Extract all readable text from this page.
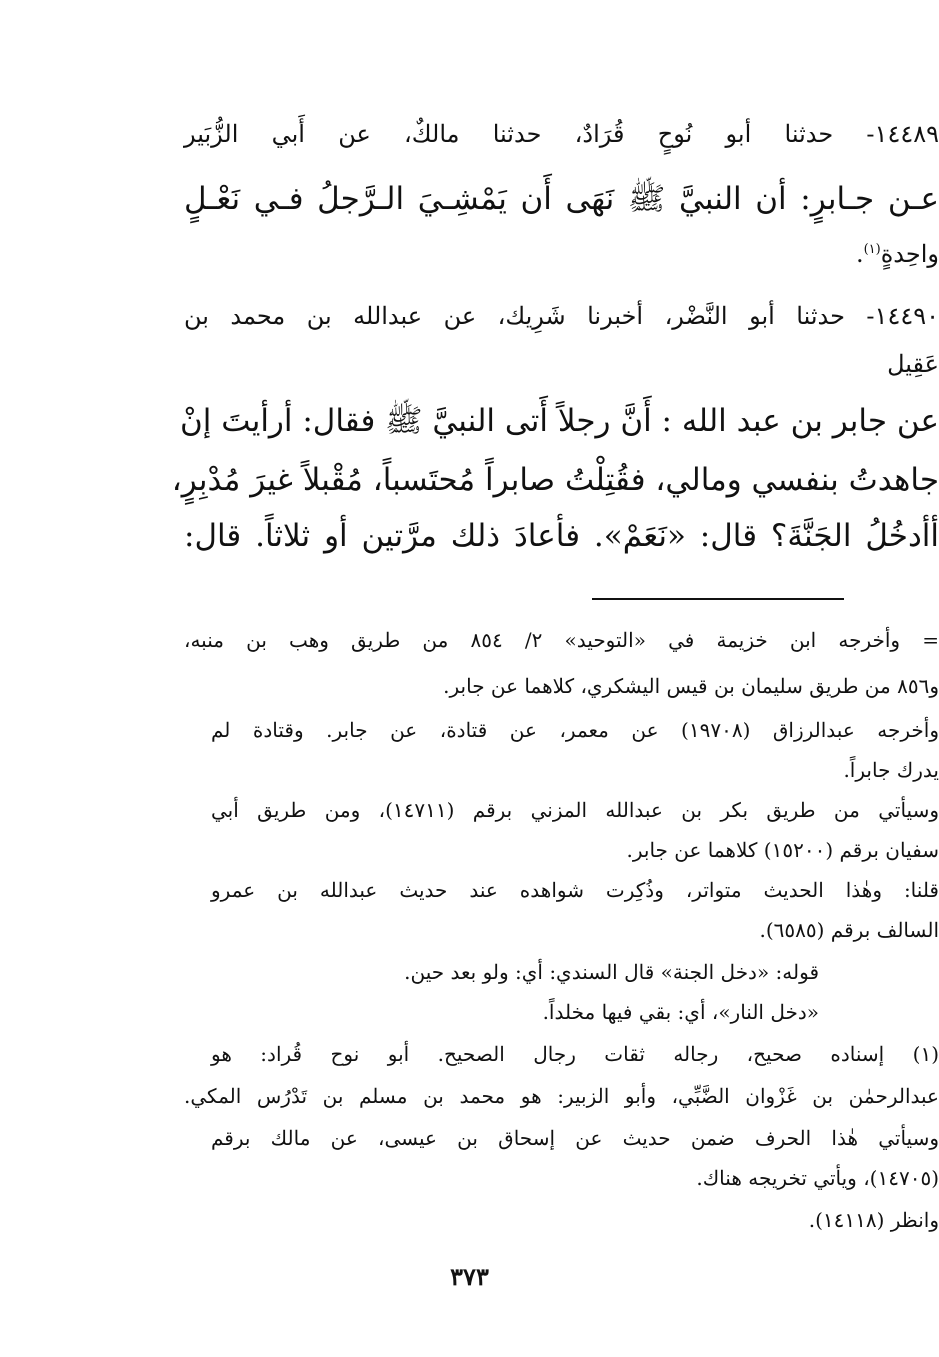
١٤٤٨٩- حدثنا أبو نُوحٍ قُرَادٌ، حدثنا مالكٌ، عن أَبي الزُّبَير
عـن جـابرٍ: أن النبيَّ ﷺ نَهَى أَن يَمْشِـيَ الـرَّجلُ فـي نَعْـلٍ
واحِدةٍ$^{(١)}$.
١٤٤٩٠- حدثنا أبو النَّضْر، أخبرنا شَرِيك، عن عبدالله بن محمد بن
عَقِيل
عن جابر بن عبد الله : أَنَّ رجلاً أَتى النبيَّ ﷺ فقال: أرأيتَ إنْ
جاهدتُ بنفسي ومالي، فقُتِلْتُ صابراً مُحتَسباً، مُقْبلاً غيرَ مُدْبِرٍ،
أأدخُلُ الجَنَّةَ؟ قال: «نَعَمْ». فأعادَ ذلك مرَّتين أو ثلاثاً. قال:
= وأخرجه ابن خزيمة في «التوحيد» ٢/ ٨٥٤ من طريق وهب بن منبه،
و٨٥٦ من طريق سليمان بن قيس اليشكري، كلاهما عن جابر.
وأخرجه عبدالرزاق (١٩٧٠٨) عن معمر، عن قتادة، عن جابر. وقتادة لم
يدرك جابراً.
وسيأتي من طريق بكر بن عبدالله المزني برقم (١٤٧١١)، ومن طريق أبي
سفيان برقم (١٥٢٠٠) كلاهما عن جابر.
قلنا: وهٰذا الحديث متواتر، وذُكِرت شواهده عند حديث عبدالله بن عمرو
السالف برقم (٦٥٨٥).
قوله: «دخل الجنة» قال السندي: أي: ولو بعد حين.
«دخل النار»، أي: بقي فيها مخلداً.
(١) إسناده صحيح، رجاله ثقات رجال الصحيح. أبو نوح قُراد: هو
عبدالرحمٰن بن غَزْوان الضَّبِّي، وأبو الزبير: هو محمد بن مسلم بن تَدْرُس المكي.
وسيأتي هٰذا الحرف ضمن حديث عن إسحاق بن عيسى، عن مالك برقم
(١٤٧٠٥)، ويأتي تخريجه هناك.
وانظر (١٤١١٨).
٣٧٣
